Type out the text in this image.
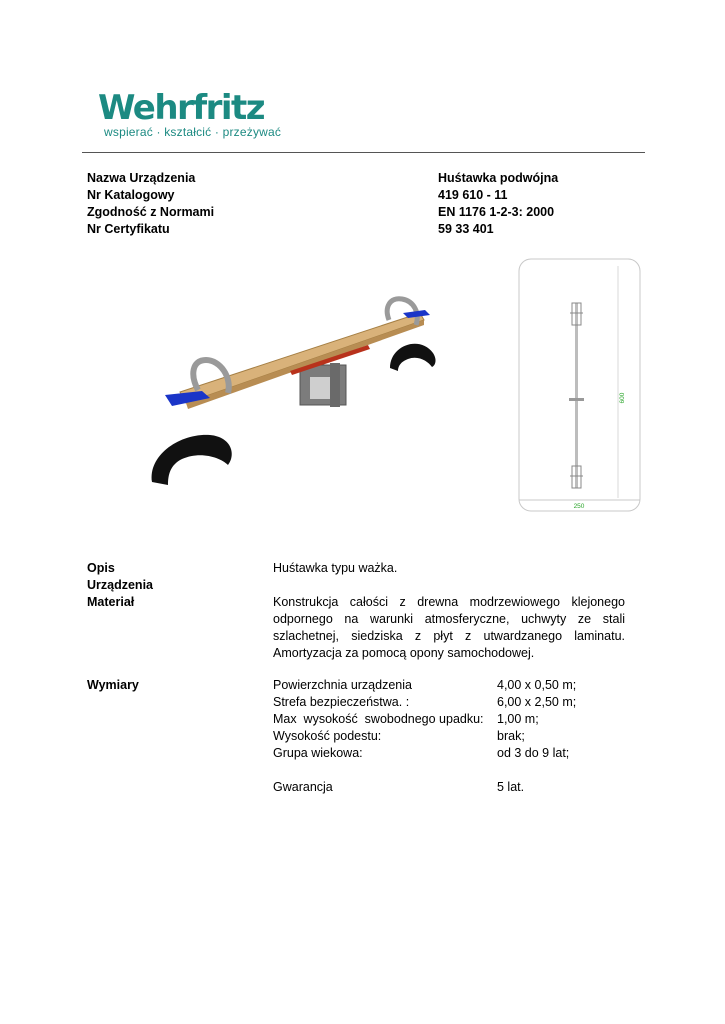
Wehrfritz
wspierać · kształcić · przeżywać
Nazwa Urządzenia	Huśtawka podwójna
Nr Katalogowy	419 610 - 11
Zgodność z Normami	EN 1176 1-2-3: 2000
Nr Certyfikatu	59 33 401
600
250
Opis Urządzenia
Huśtawka typu ważka.
Materiał	Konstrukcja całości z drewna modrzewiowego klejonego odpornego na warunki atmosferyczne, uchwyty ze stali szlachetnej, siedziska z płyt z utwardzanego laminatu. Amortyzacja za pomocą opony samochodowej.
Wymiary	Powierzchnia urządzenia	4,00 x 0,50 m;
Strefa bezpieczeństwa. :	6,00 x 2,50 m;
Max  wysokość  swobodnego upadku: 1,00 m;
Wysokość podestu:	brak;
Grupa wiekowa:	od 3 do 9 lat;
Gwarancja	5 lat.
